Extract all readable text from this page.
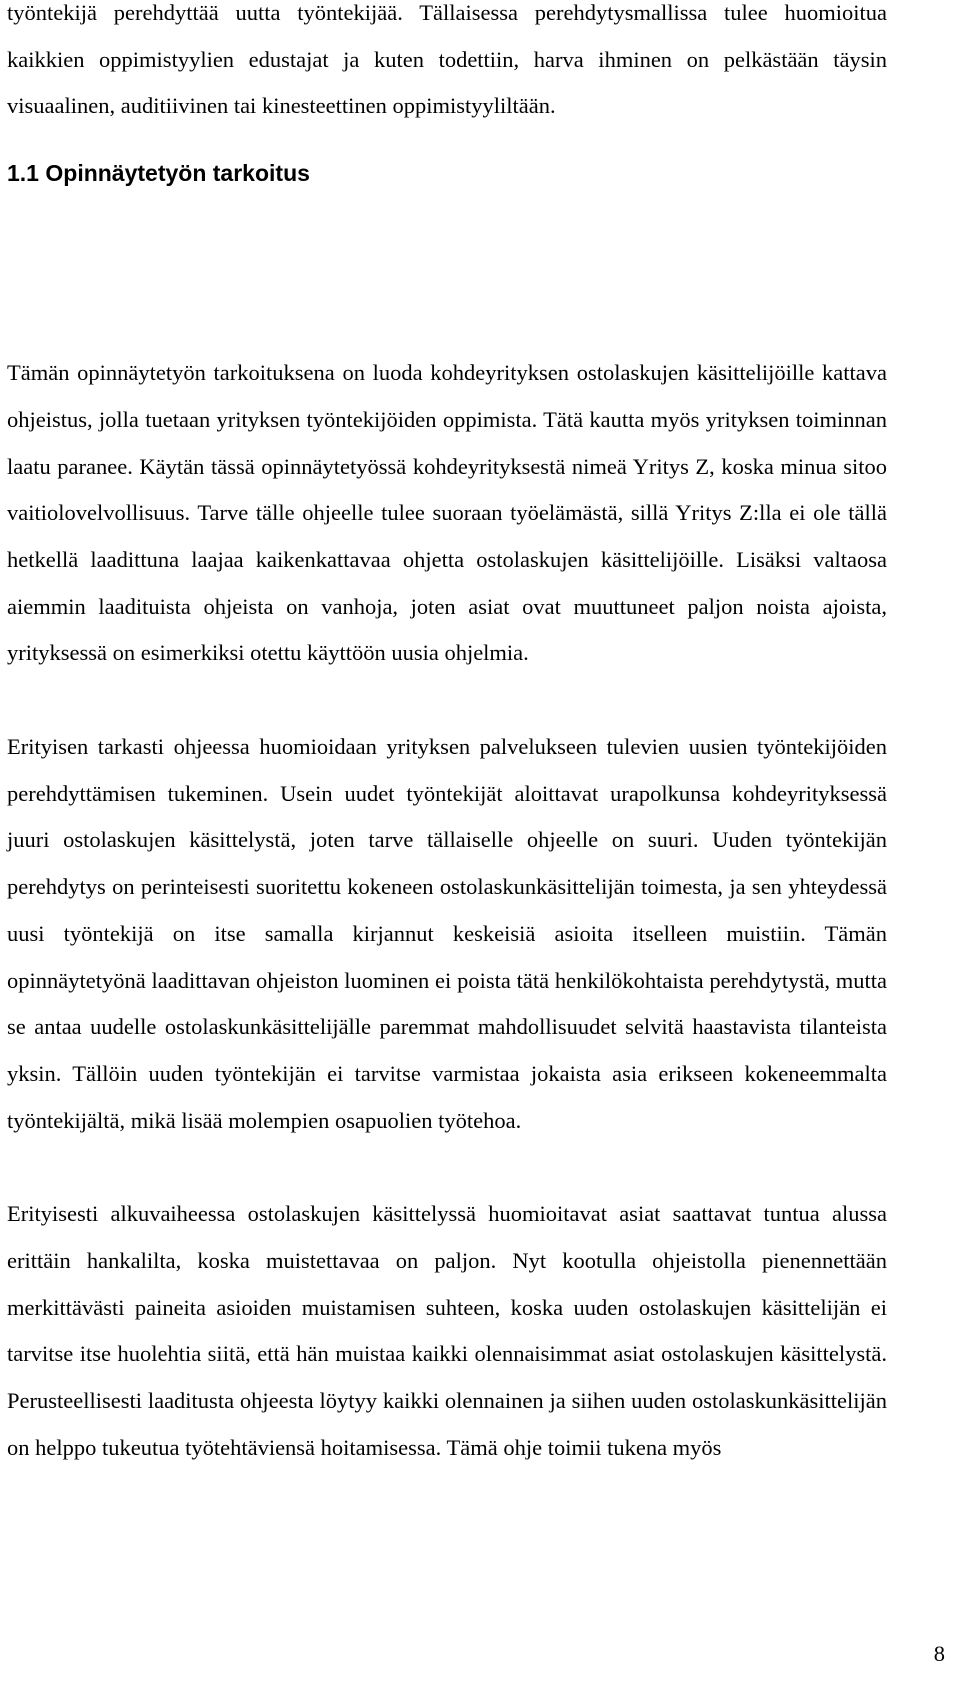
työntekijä perehdyttää uutta työntekijää. Tällaisessa perehdytysmallissa tulee huomioitua kaikkien oppimistyylien edustajat ja kuten todettiin, harva ihminen on pelkästään täysin visuaalinen, auditiivinen tai kinesteettinen oppimistyyliltään.

Tämän opinnäytetyön tarkoituksena on luoda kohdeyrityksen ostolaskujen käsittelijöille kattava ohjeistus, jolla tuetaan yrityksen työntekijöiden oppimista. Tätä kautta myös yrityksen toiminnan laatu paranee. Käytän tässä opinnäytetyössä kohdeyrityksestä nimeä Yritys Z, koska minua sitoo vaitiolovelvollisuus. Tarve tälle ohjeelle tulee suoraan työelämästä, sillä Yritys Z:lla ei ole tällä hetkellä laadittuna laajaa kaikenkattavaa ohjetta ostolaskujen käsittelijöille. Lisäksi valtaosa aiemmin laadituista ohjeista on vanhoja, joten asiat ovat muuttuneet paljon noista ajoista, yrityksessä on esimerkiksi otettu käyttöön uusia ohjelmia.

Erityisen tarkasti ohjeessa huomioidaan yrityksen palvelukseen tulevien uusien työntekijöiden perehdyttämisen tukeminen. Usein uudet työntekijät aloittavat urapolkunsa kohdeyrityksessä juuri ostolaskujen käsittelystä, joten tarve tällaiselle ohjeelle on suuri. Uuden työntekijän perehdytys on perinteisesti suoritettu kokeneen ostolaskunkäsittelijän toimesta, ja sen yhteydessä uusi työntekijä on itse samalla kirjannut keskeisiä asioita itselleen muistiin. Tämän opinnäytetyönä laadittavan ohjeiston luominen ei poista tätä henkilökohtaista perehdytystä, mutta se antaa uudelle ostolaskunkäsittelijälle paremmat mahdollisuudet selvitä haastavista tilanteista yksin. Tällöin uuden työntekijän ei tarvitse varmistaa jokaista asia erikseen kokeneemmalta työntekijältä, mikä lisää molempien osapuolien työtehoa.

Erityisesti alkuvaiheessa ostolaskujen käsittelyssä huomioitavat asiat saattavat tuntua alussa erittäin hankalilta, koska muistettavaa on paljon. Nyt kootulla ohjeistolla pienennettään merkittävästi paineita asioiden muistamisen suhteen, koska uuden ostolaskujen käsittelijän ei tarvitse itse huolehtia siitä, että hän muistaa kaikki olennaisimmat asiat ostolaskujen käsittelystä. Perusteellisesti laaditusta ohjeesta löytyy kaikki olennainen ja siihen uuden ostolaskunkäsittelijän on helppo tukeutua työtehtäviensä hoitamisessa. Tämä ohje toimii tukena myös

1.1 Opinnäytetyön tarkoitus

8
